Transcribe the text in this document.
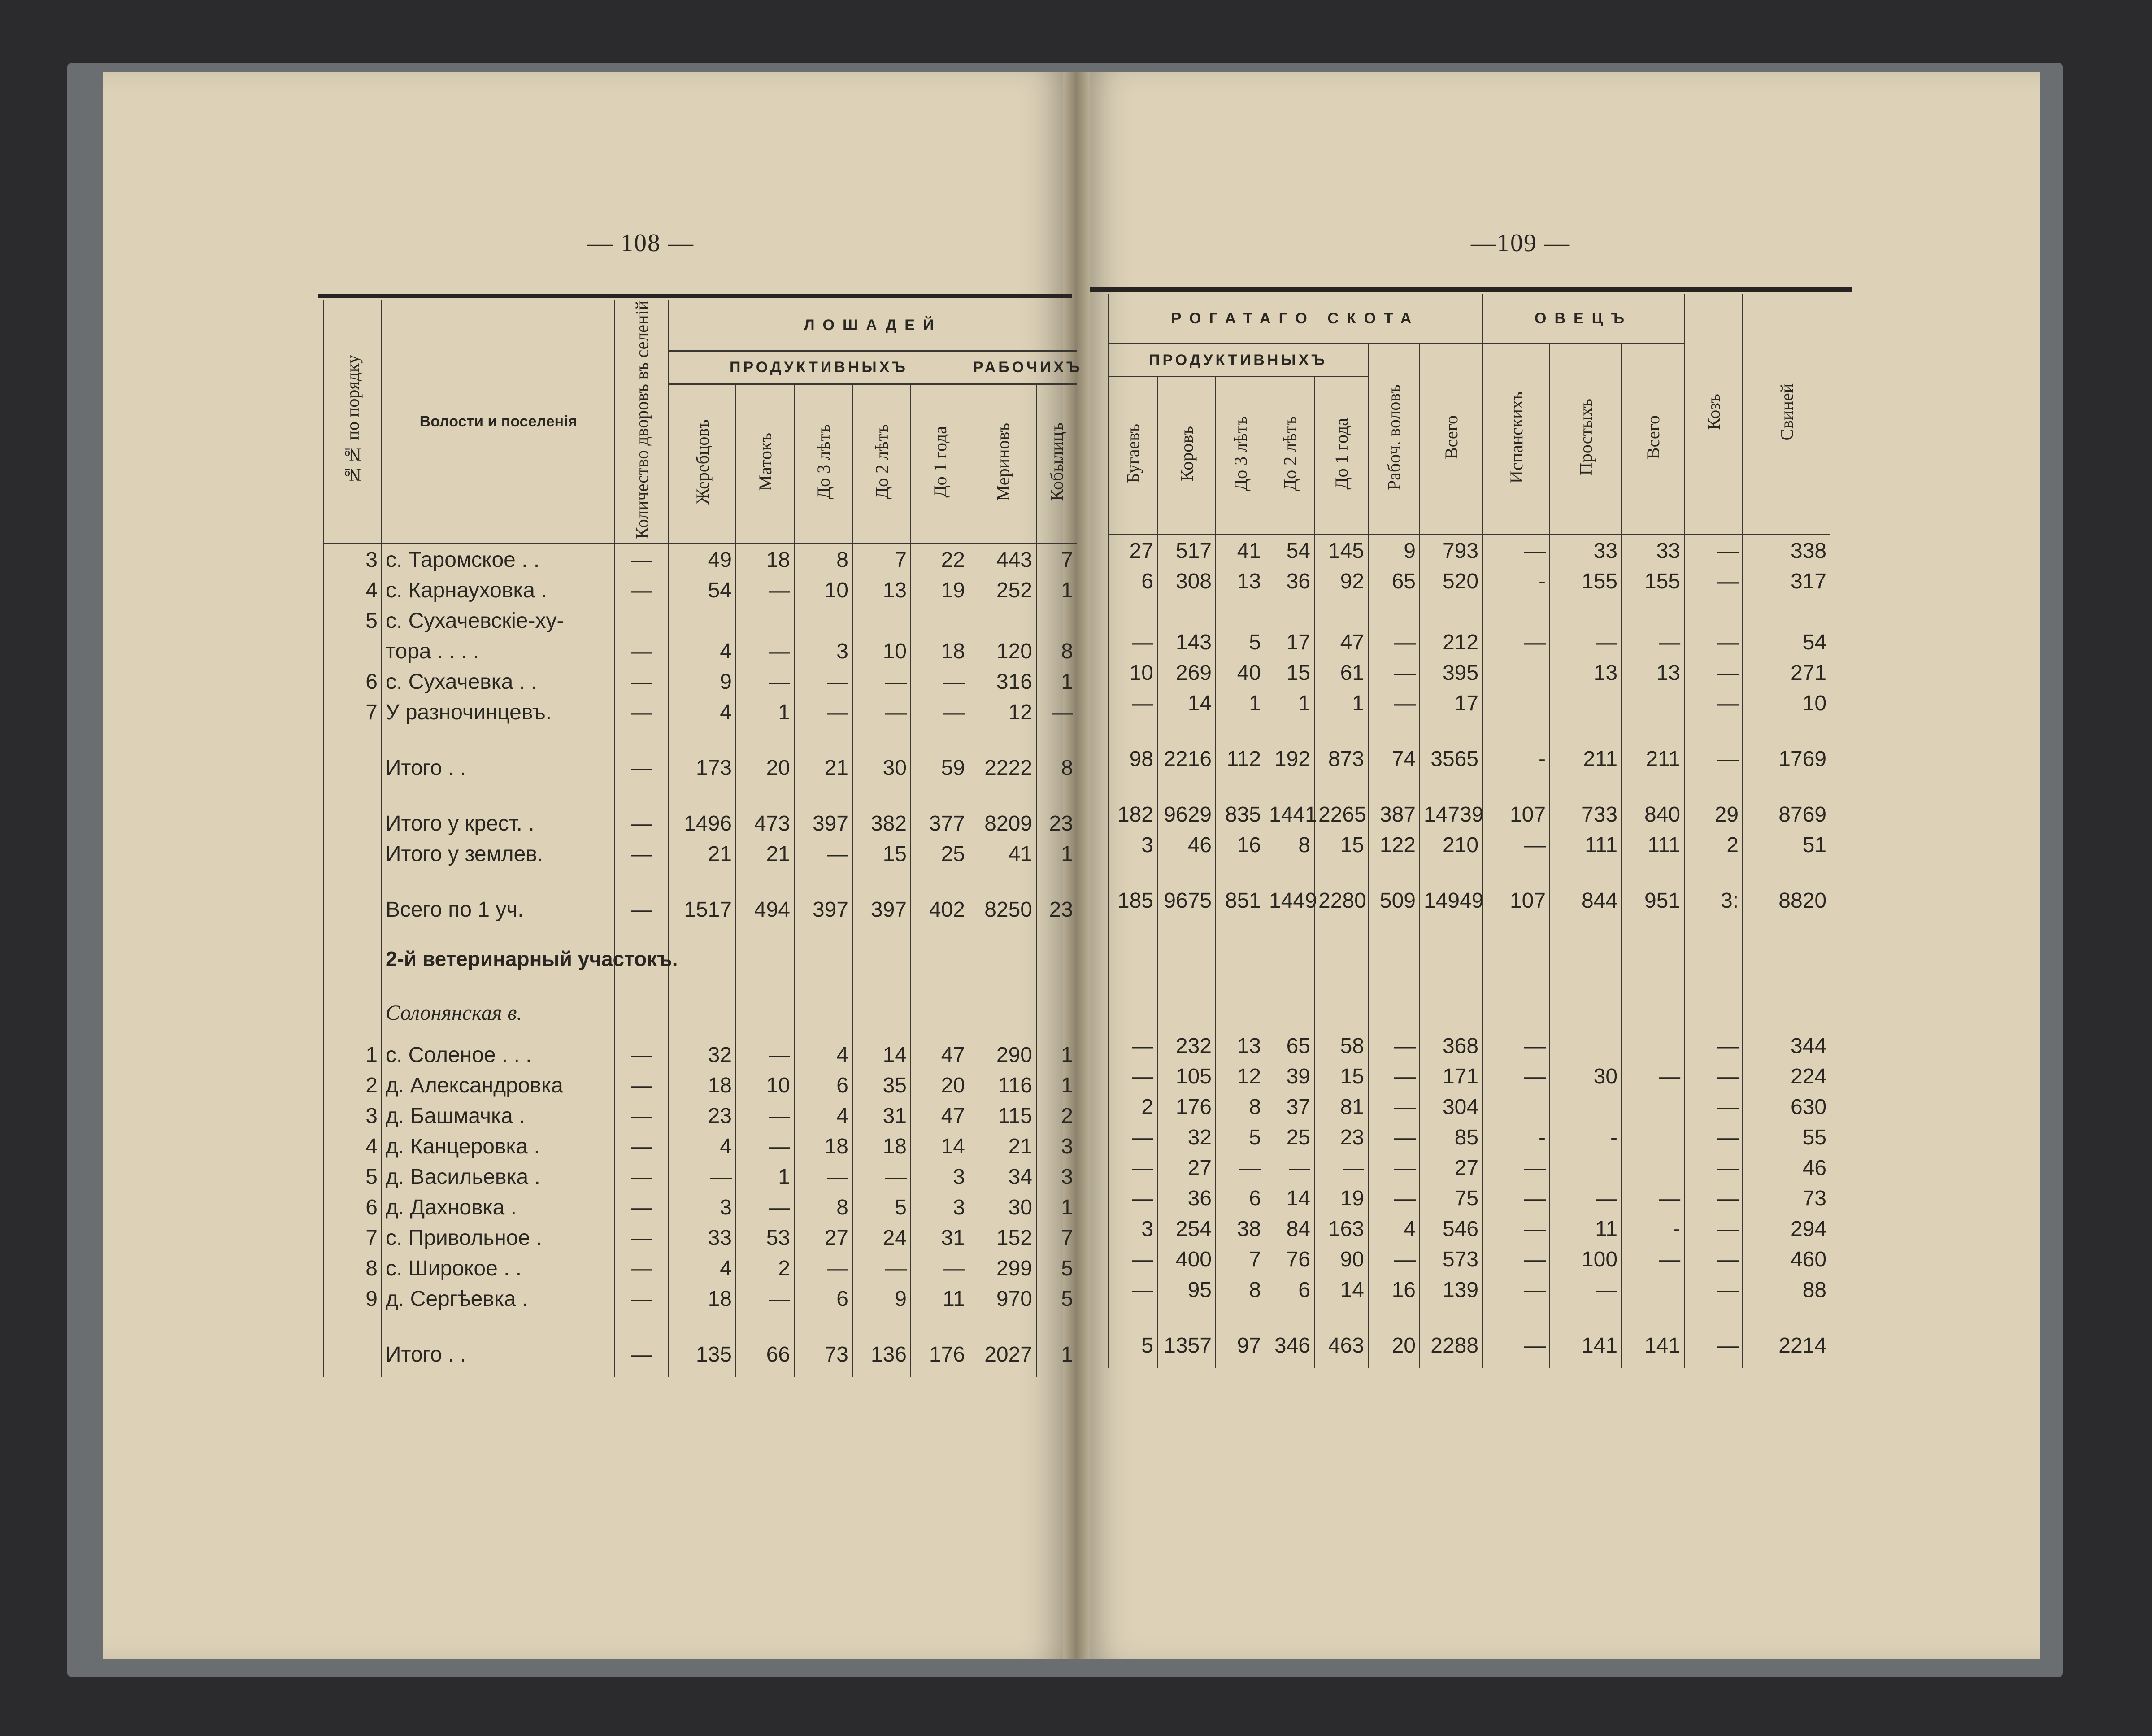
— 108 —	—109 —
№№ по порядку	Волости и поселенія	Количество дворовъ въ селеній	ЛОШАДЕЙ						
			ПРОДУКТИВНЫХЪ					РАБОЧИХЪ	
			Жеребцовъ	Матокъ	До 3 лѣтъ	До 2 лѣтъ	До 1 года	Мериновъ	Кобылицъ
3	с. Таромское . .	—	49	18	8	7	22	443	7
4	с. Карнауховка .	—	54	—	10	13	19	252	1
5	с. Сухачевскіе-ху-								
	тора . . . .	—	4	—	3	10	18	120	8
6	с. Сухачевка . .	—	9	—	—	—	—	316	1
7	У разночинцевъ.	—	4	1	—	—	—	12	—

	Итого . .	—	173	20	21	30	59	2222	8

	Итого у крест. .	—	1496	473	397	382	377	8209	23
	Итого у землев.	—	21	21	—	15	25	41	1

	Всего по 1 уч.	—	1517	494	397	397	402	8250	23
	2-й ветеринарный участокъ.								
	Солонянская в.								
1	с. Соленое . . .	—	32	—	4	14	47	290	1
2	д. Александровка	—	18	10	6	35	20	116	1
3	д. Башмачка .	—	23	—	4	31	47	115	2
4	д. Канцеровка .	—	4	—	18	18	14	21	3
5	д. Васильевка .	—	—	1	—	—	3	34	3
6	д. Дахновка .	—	3	—	8	5	3	30	1
7	с. Привольное .	—	33	53	27	24	31	152	7
8	с. Широкое . .	—	4	2	—	—	—	299	5
9	д. Сергѣевка .	—	18	—	6	9	11	970	5

	Итого . .	—	135	66	73	136	176	2027	1
РОГАТАГО СКОТА							ОВЕЦЪ			Козъ	Свиней
ПРОДУКТИВНЫХЪ					Рабоч. воловъ	Всего	Испанскихъ	Простыхъ	Всего		
Бугаевъ	Коровъ	До 3 лѣтъ	До 2 лѣтъ	До 1 года							
27	517	41	54	145	9	793	—	33	33	—	338
6	308	13	36	92	65	520	-	155	155	—	317

—	143	5	17	47	—	212	—	—	—	—	54
10	269	40	15	61	—	395		13	13	—	271
—	14	1	1	1	—	17				—	10

98	2216	112	192	873	74	3565	-	211	211	—	1769

182	9629	835	1441	2265	387	14739	107	733	840	29	8769
3	46	16	8	15	122	210	—	111	111	2	51

185	9675	851	1449	2280	509	14949	107	844	951	3:	8820

—	232	13	65	58	—	368	—			—	344
—	105	12	39	15	—	171	—	30	—	—	224
2	176	8	37	81	—	304				—	630
—	32	5	25	23	—	85	-	-		—	55
—	27	—	—	—	—	27	—			—	46
—	36	6	14	19	—	75	—	—	—	—	73
3	254	38	84	163	4	546	—	11	-	—	294
—	400	7	76	90	—	573	—	100	—	—	460
—	95	8	6	14	16	139	—	—		—	88

5	1357	97	346	463	20	2288	—	141	141	—	2214
